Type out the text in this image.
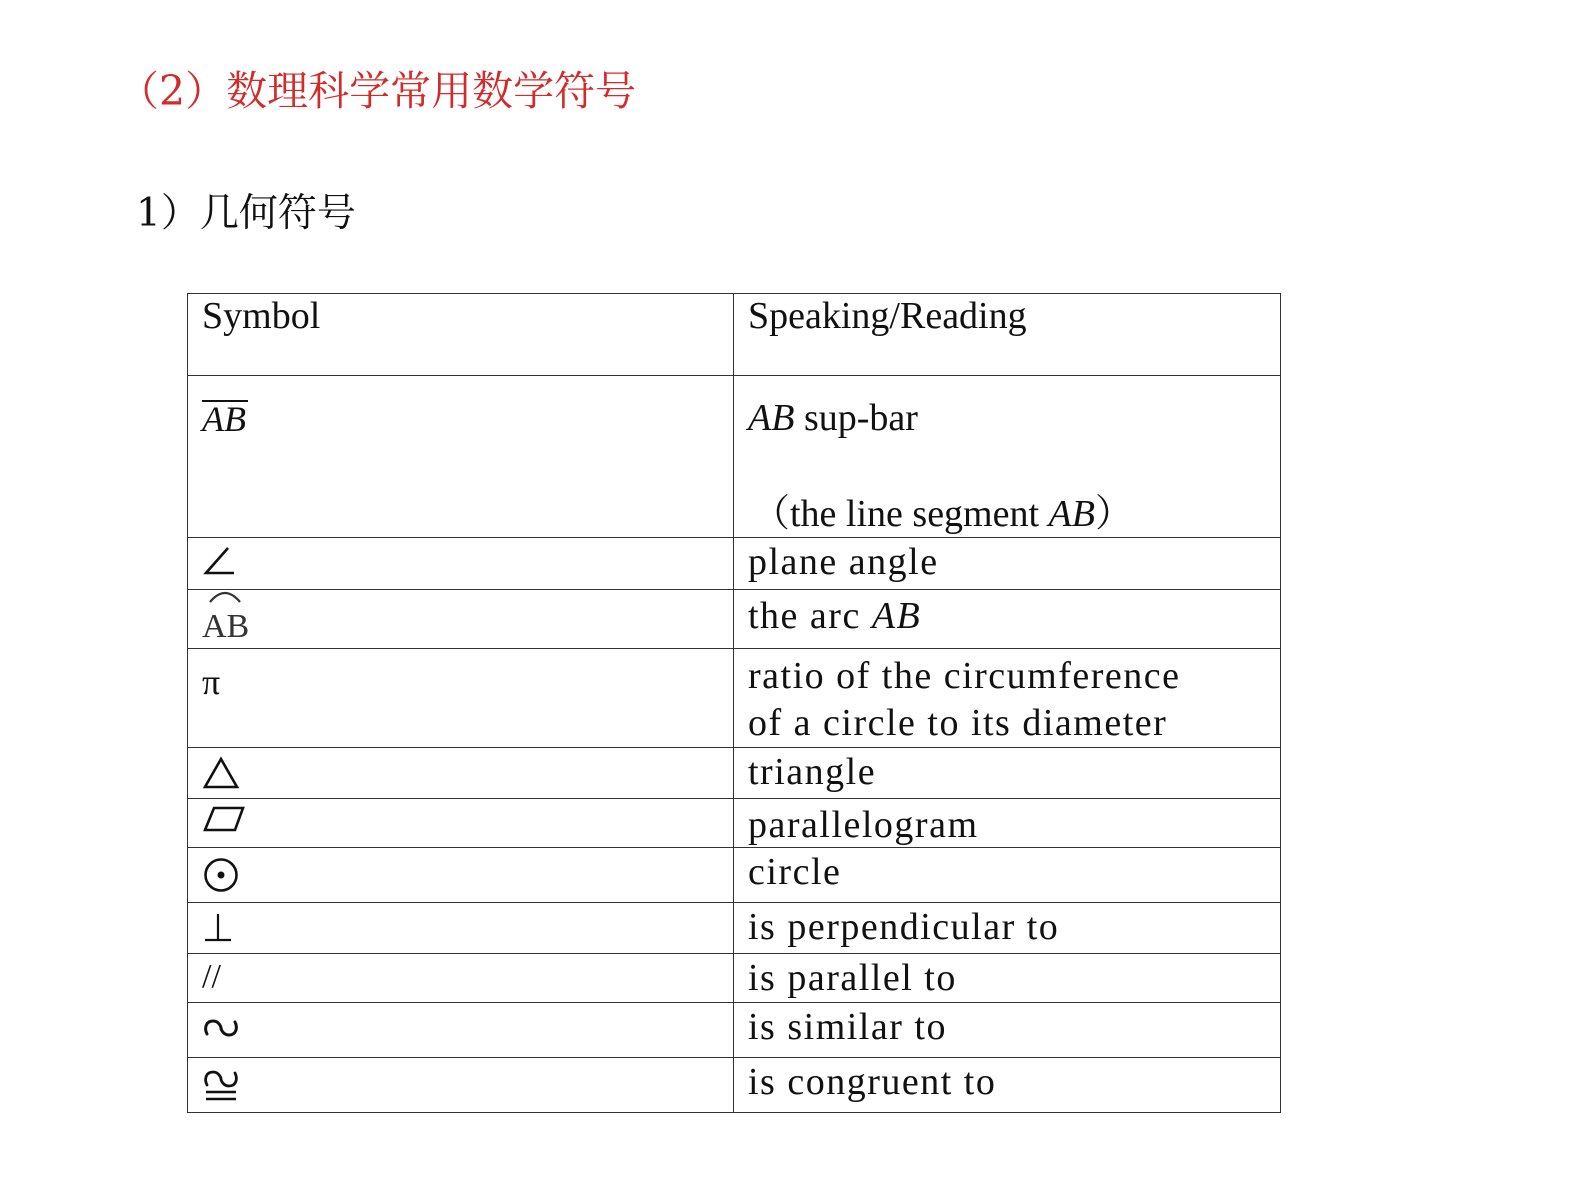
（2）数理科学常用数学符号
1）几何符号
Symbol	Speaking/Reading
AB	AB sup-bar
（the line segment AB）

	plane angle

AB	the arc AB
π	ratio of the circumference
of a circle to its diameter

	triangle

	parallelogram

	circle

	is perpendicular to
//	is parallel to

	is similar to

	is congruent to
